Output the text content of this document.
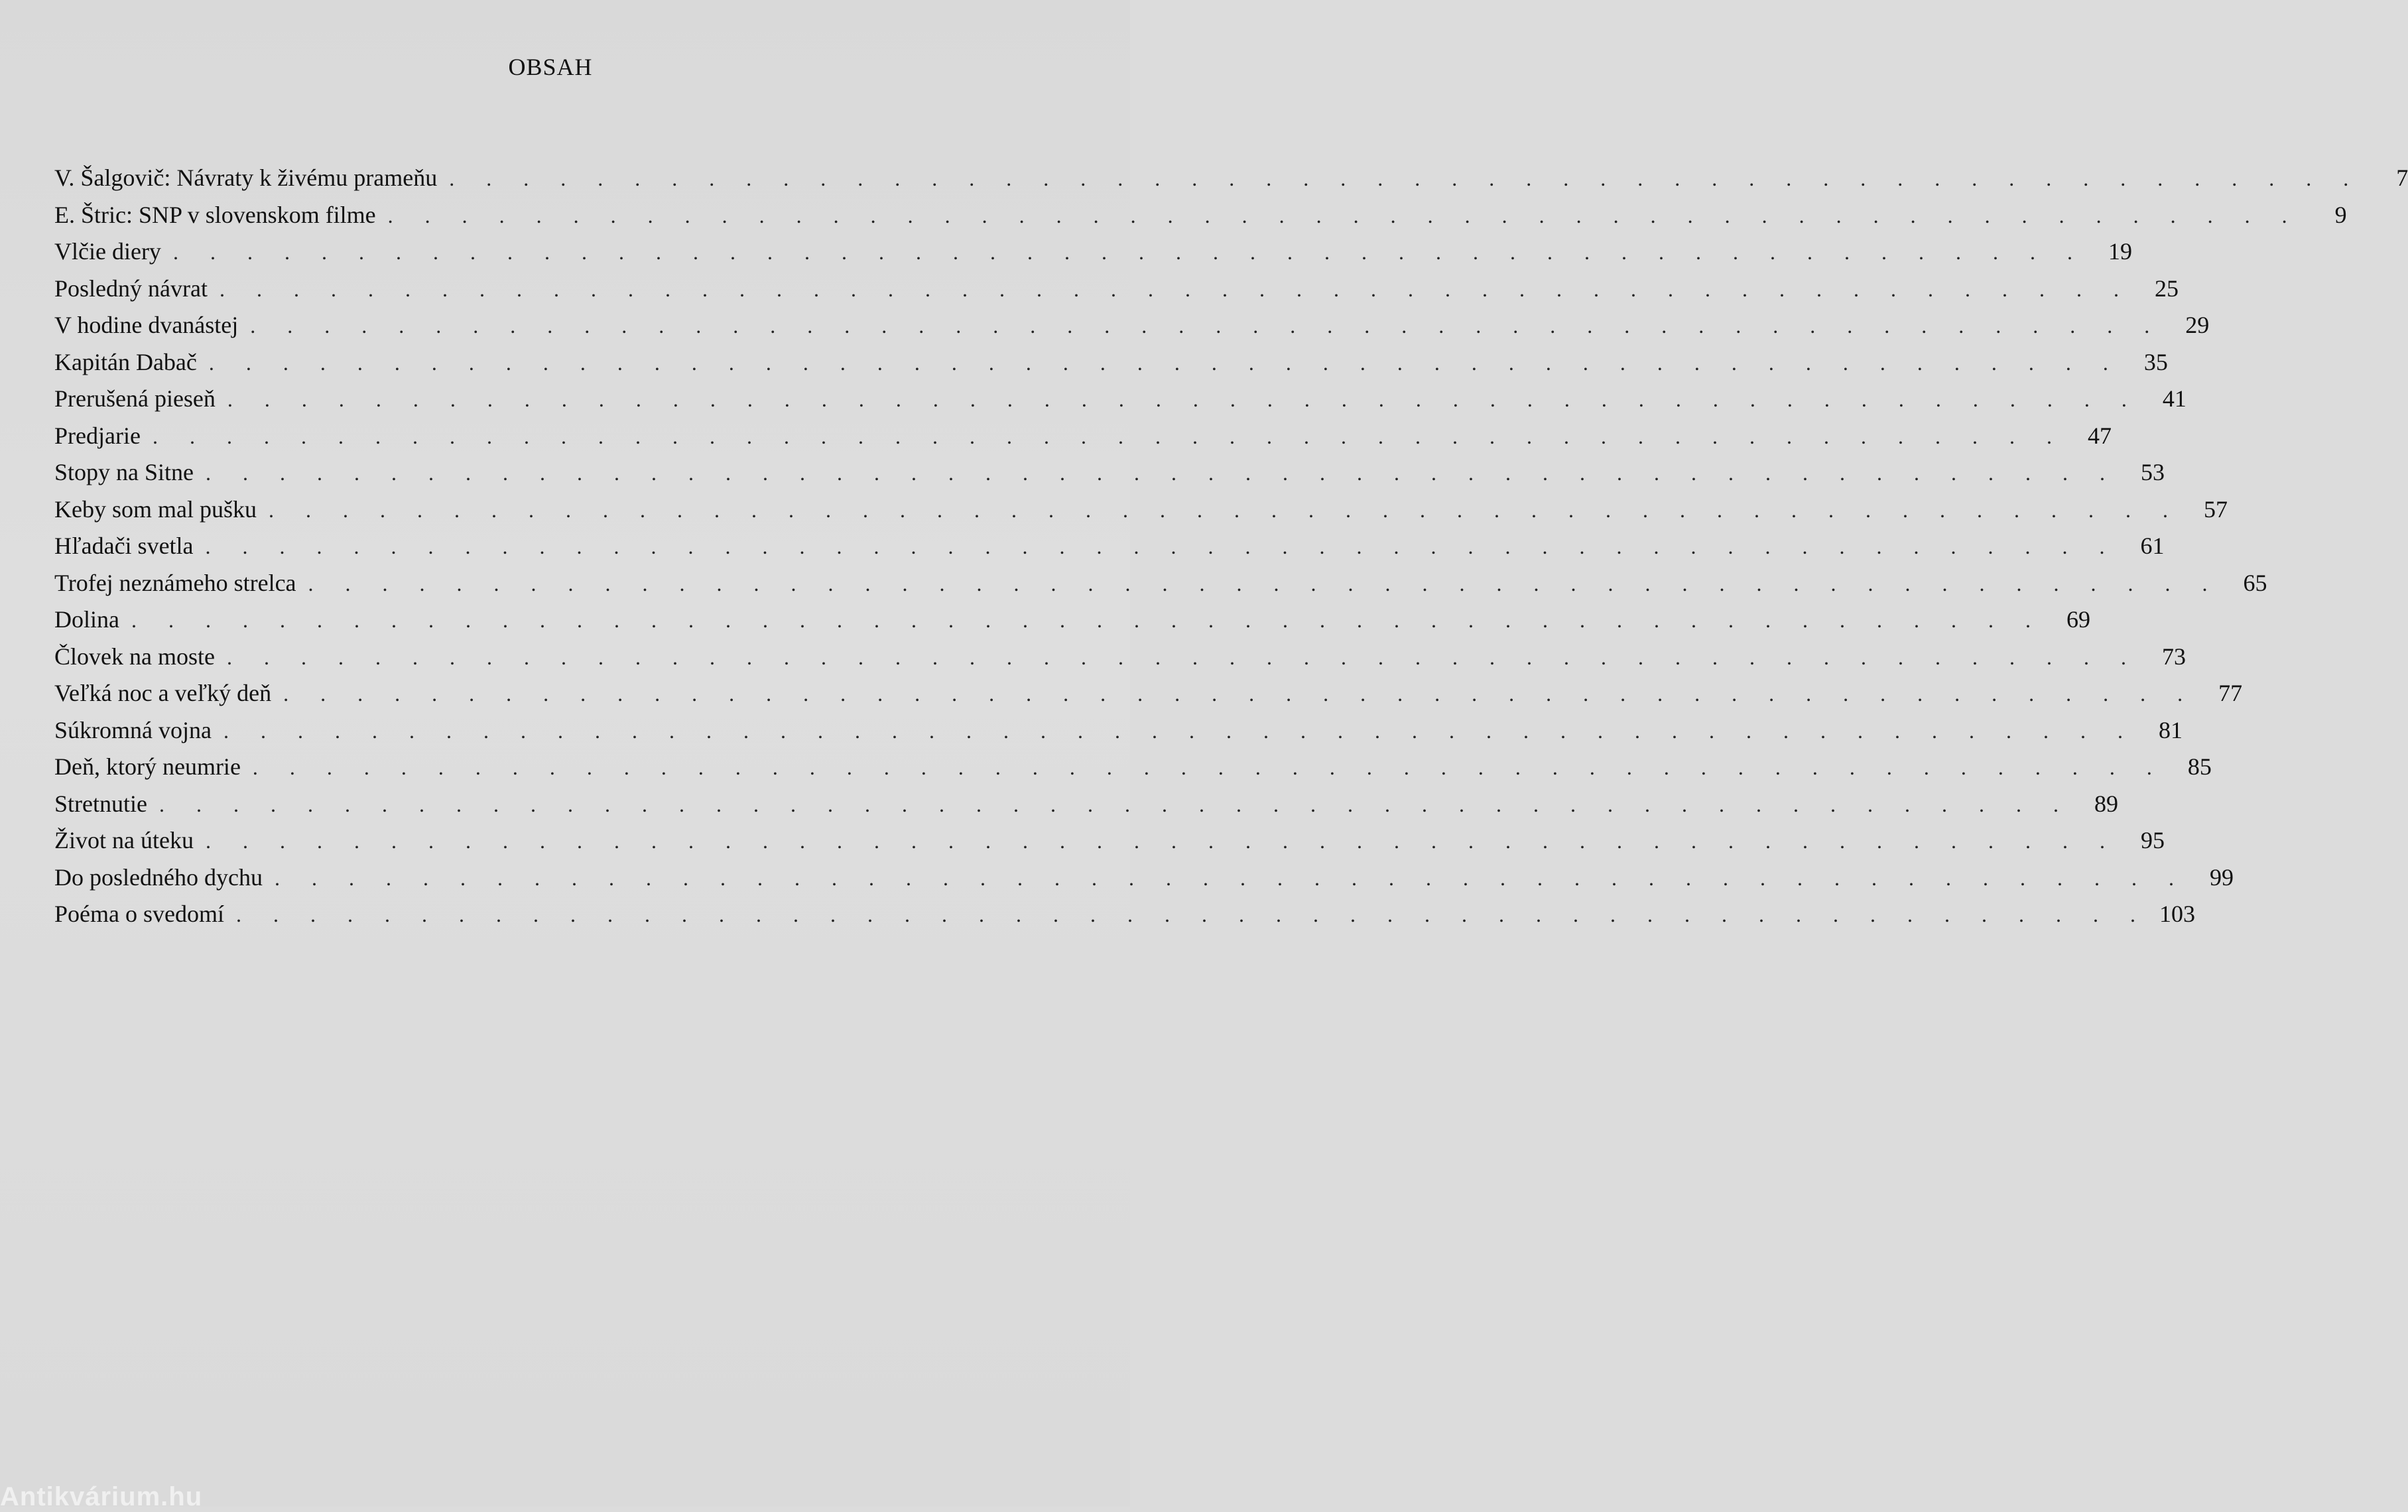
OBSAH
V. Šalgovič: Návraty k živému prameňu . . . . . . . . . . . . . . . . . . . . . . . . . . . . . . . . . . . . . . . . . . . . . . . . . . . .	7
E. Štric: SNP v slovenskom filme . . . . . . . . . . . . . . . . . . . . . . . . . . . . . . . . . . . . . . . . . . . . . . . . . . . .	9
Vlčie diery . . . . . . . . . . . . . . . . . . . . . . . . . . . . . . . . . . . . . . . . . . . . . . . . . . . . 19
Posledný návrat . . . . . . . . . . . . . . . . . . . . . . . . . . . . . . . . . . . . . . . . . . . . . . . . . . . . 25
V hodine dvanástej . . . . . . . . . . . . . . . . . . . . . . . . . . . . . . . . . . . . . . . . . . . . . . . . . . . . 29
Kapitán Dabač . . . . . . . . . . . . . . . . . . . . . . . . . . . . . . . . . . . . . . . . . . . . . . . . . . . . 35
Prerušená pieseň . . . . . . . . . . . . . . . . . . . . . . . . . . . . . . . . . . . . . . . . . . . . . . . . . . . . 41
Predjarie . . . . . . . . . . . . . . . . . . . . . . . . . . . . . . . . . . . . . . . . . . . . . . . . . . . . 47
Stopy na Sitne . . . . . . . . . . . . . . . . . . . . . . . . . . . . . . . . . . . . . . . . . . . . . . . . . . . . 53
Keby som mal pušku . . . . . . . . . . . . . . . . . . . . . . . . . . . . . . . . . . . . . . . . . . . . . . . . . . . . 57
Hľadači svetla . . . . . . . . . . . . . . . . . . . . . . . . . . . . . . . . . . . . . . . . . . . . . . . . . . . . 61
Trofej neznámeho strelca . . . . . . . . . . . . . . . . . . . . . . . . . . . . . . . . . . . . . . . . . . . . . . . . . . . . 65
Dolina . . . . . . . . . . . . . . . . . . . . . . . . . . . . . . . . . . . . . . . . . . . . . . . . . . . . 69
Človek na moste . . . . . . . . . . . . . . . . . . . . . . . . . . . . . . . . . . . . . . . . . . . . . . . . . . . . 73
Veľká noc a veľký deň . . . . . . . . . . . . . . . . . . . . . . . . . . . . . . . . . . . . . . . . . . . . . . . . . . . . 77
Súkromná vojna . . . . . . . . . . . . . . . . . . . . . . . . . . . . . . . . . . . . . . . . . . . . . . . . . . . . 81
Deň, ktorý neumrie . . . . . . . . . . . . . . . . . . . . . . . . . . . . . . . . . . . . . . . . . . . . . . . . . . . . 85
Stretnutie . . . . . . . . . . . . . . . . . . . . . . . . . . . . . . . . . . . . . . . . . . . . . . . . . . . . 89
Život na úteku . . . . . . . . . . . . . . . . . . . . . . . . . . . . . . . . . . . . . . . . . . . . . . . . . . . . 95
Do posledného dychu . . . . . . . . . . . . . . . . . . . . . . . . . . . . . . . . . . . . . . . . . . . . . . . . . . . . 99
Poéma o svedomí . . . . . . . . . . . . . . . . . . . . . . . . . . . . . . . . . . . . . . . . . . . . . . . . . . . . 103
Antikvárium.hu
